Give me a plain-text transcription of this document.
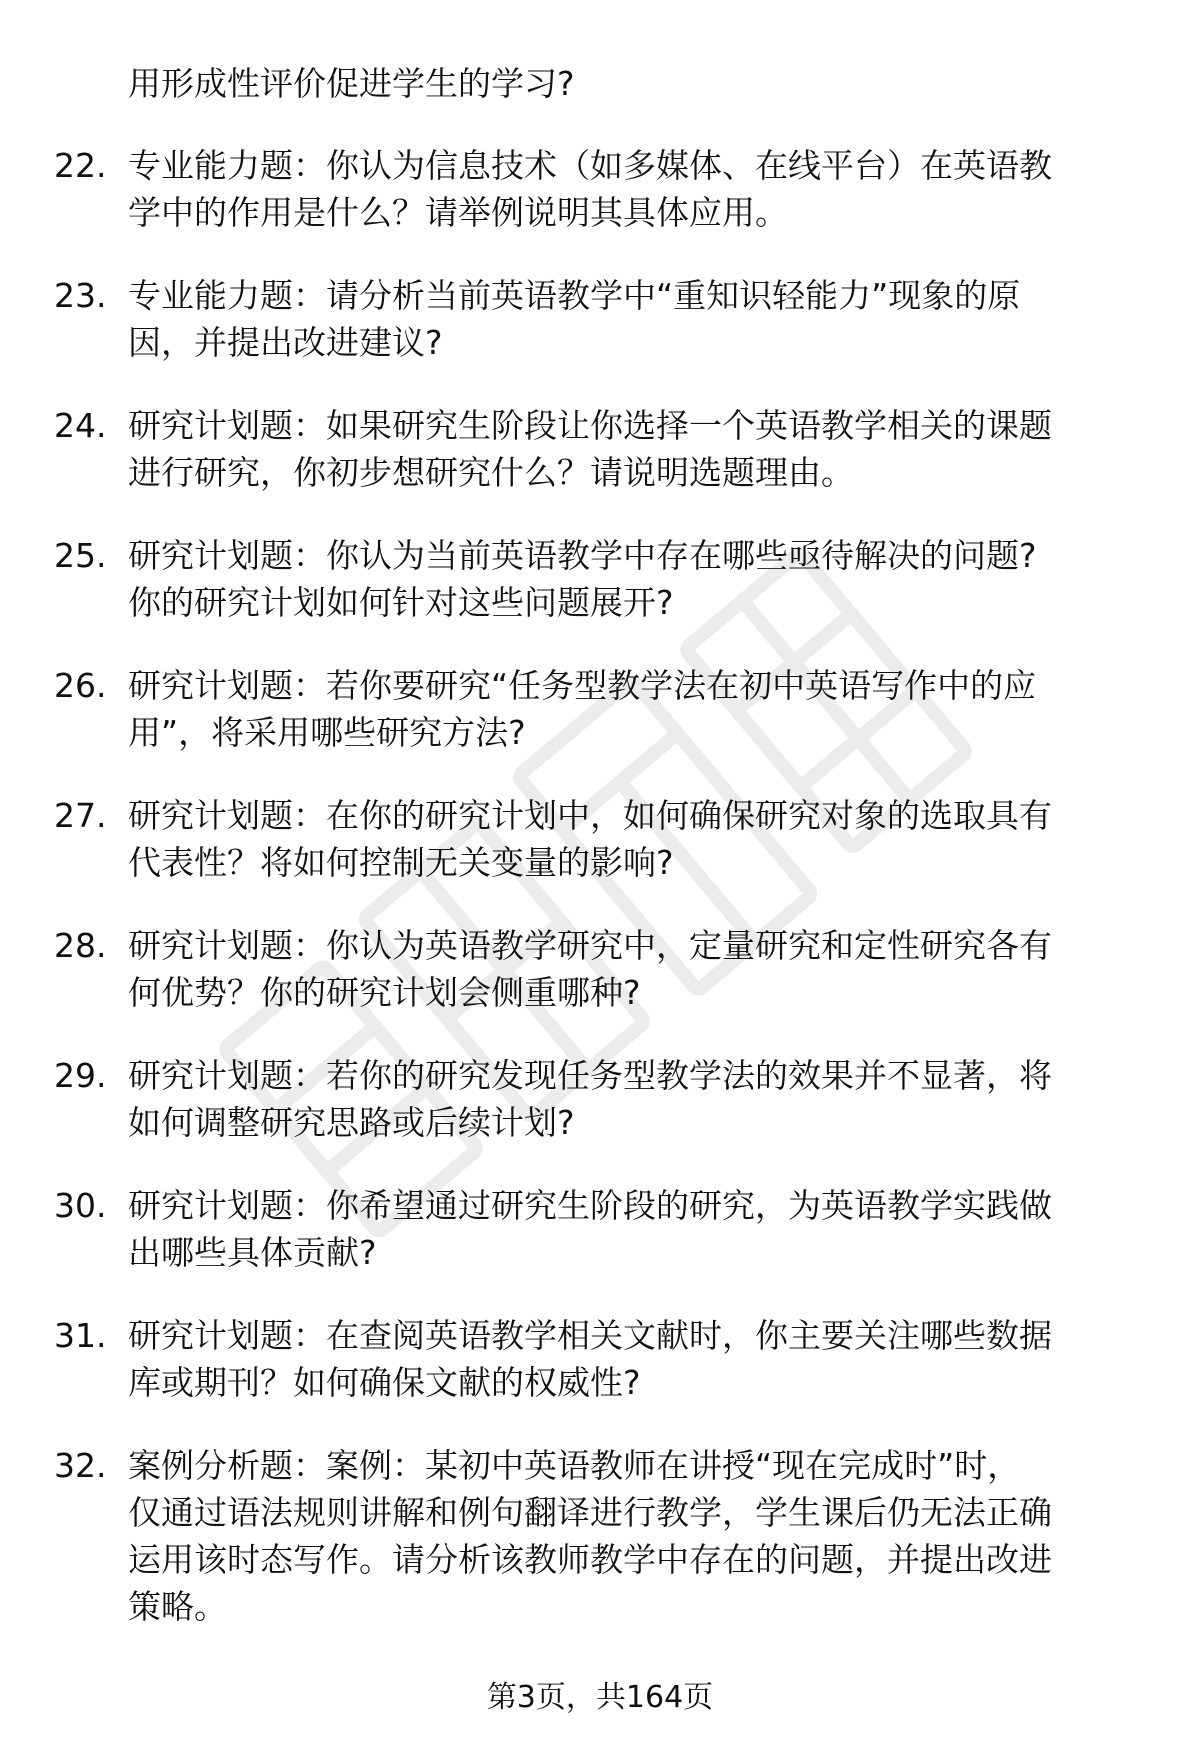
用形成性评价促进学生的学习?
22. 专业能力题：你认为信息技术（如多媒体、在线平台）在英语教
学中的作用是什么？请举例说明其具体应用。
23. 专业能力题：请分析当前英语教学中“重知识轻能力”现象的原
因，并提出改进建议?
24. 研究计划题：如果研究生阶段让你选择一个英语教学相关的课题
进行研究，你初步想研究什么？请说明选题理由。
25. 研究计划题：你认为当前英语教学中存在哪些亟待解决的问题?
你的研究计划如何针对这些问题展开?
26. 研究计划题：若你要研究“任务型教学法在初中英语写作中的应
用”，将采用哪些研究方法?
27. 研究计划题：在你的研究计划中，如何确保研究对象的选取具有
代表性？将如何控制无关变量的影响?
28. 研究计划题：你认为英语教学研究中，定量研究和定性研究各有
何优势？你的研究计划会侧重哪种?
29. 研究计划题：若你的研究发现任务型教学法的效果并不显著，将
如何调整研究思路或后续计划?
30. 研究计划题：你希望通过研究生阶段的研究，为英语教学实践做
出哪些具体贡献?
31. 研究计划题：在查阅英语教学相关文献时，你主要关注哪些数据
库或期刊？如何确保文献的权威性?
32. 案例分析题：案例：某初中英语教师在讲授“现在完成时”时，
仅通过语法规则讲解和例句翻译进行教学，学生课后仍无法正确
运用该时态写作。请分析该教师教学中存在的问题，并提出改进
策略。
第3页，共164页
